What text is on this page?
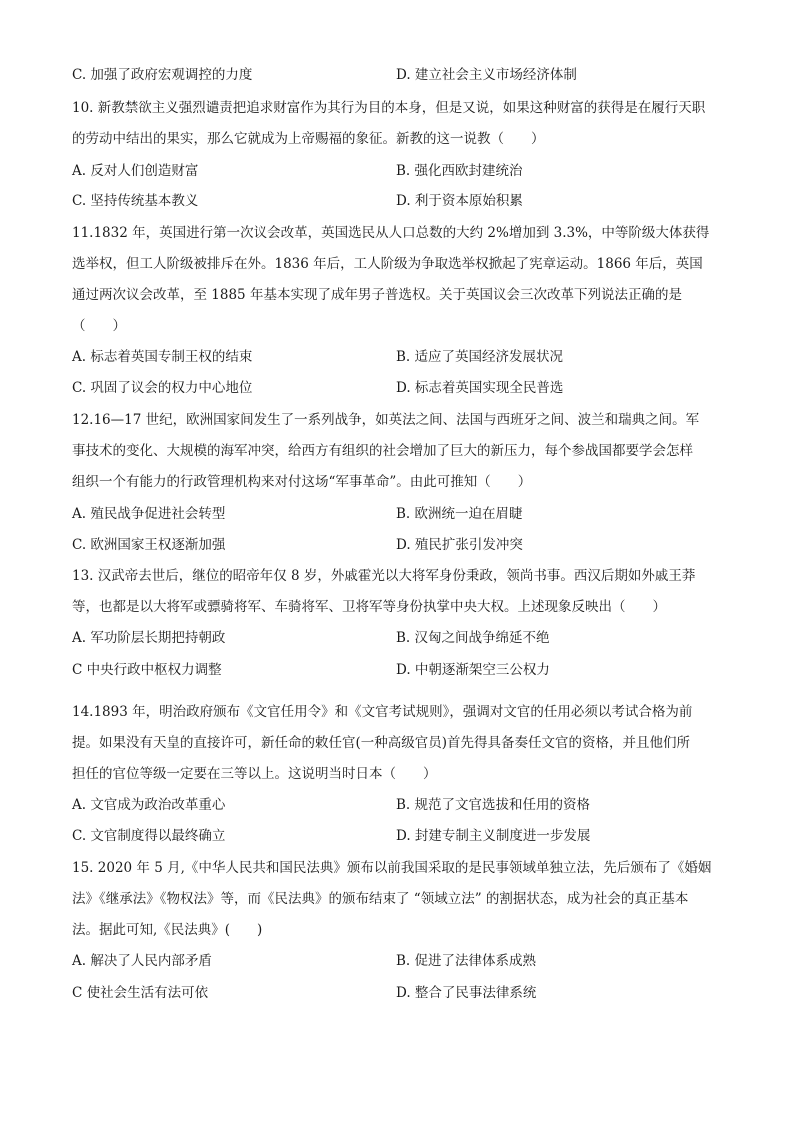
C. 加强了政府宏观调控的力度	D. 建立社会主义市场经济体制
10. 新教禁欲主义强烈谴责把追求财富作为其行为目的本身，但是又说，如果这种财富的获得是在履行天职
的劳动中结出的果实，那么它就成为上帝赐福的象征。新教的这一说教（　　）
A. 反对人们创造财富	B. 强化西欧封建统治
C. 坚持传统基本教义	D. 利于资本原始积累
11.1832 年，英国进行第一次议会改革，英国选民从人口总数的大约 2%增加到 3.3%，中等阶级大体获得
选举权，但工人阶级被排斥在外。1836 年后，工人阶级为争取选举权掀起了宪章运动。1866 年后，英国
通过两次议会改革，至 1885 年基本实现了成年男子普选权。关于英国议会三次改革下列说法正确的是
（　　）
A. 标志着英国专制王权的结束	B. 适应了英国经济发展状况
C. 巩固了议会的权力中心地位	D. 标志着英国实现全民普选
12.16—17 世纪，欧洲国家间发生了一系列战争，如英法之间、法国与西班牙之间、波兰和瑞典之间。军
事技术的变化、大规模的海军冲突，给西方有组织的社会增加了巨大的新压力，每个参战国都要学会怎样
组织一个有能力的行政管理机构来对付这场“军事革命”。由此可推知（　　）
A. 殖民战争促进社会转型	B. 欧洲统一迫在眉睫
C. 欧洲国家王权逐渐加强	D. 殖民扩张引发冲突
13. 汉武帝去世后，继位的昭帝年仅 8 岁，外戚霍光以大将军身份秉政，领尚书事。西汉后期如外戚王莽
等，也都是以大将军或骠骑将军、车骑将军、卫将军等身份执掌中央大权。上述现象反映出（　　）
A. 军功阶层长期把持朝政	B. 汉匈之间战争绵延不绝
C 中央行政中枢权力调整	D. 中朝逐渐架空三公权力
14.1893 年，明治政府颁布《文官任用令》和《文官考试规则》，强调对文官的任用必须以考试合格为前
提。如果没有天皇的直接许可，新任命的敕任官(一种高级官员)首先得具备奏任文官的资格，并且他们所
担任的官位等级一定要在三等以上。这说明当时日本（　　）
A. 文官成为政治改革重心	B. 规范了文官选拔和任用的资格
C. 文官制度得以最终确立	D. 封建专制主义制度进一步发展
15. 2020 年 5 月,《中华人民共和国民法典》颁布以前我国采取的是民事领域单独立法，先后颁布了《婚姻
法》《继承法》《物权法》等，而《民法典》的颁布结束了 “领域立法” 的割据状态，成为社会的真正基本
法。据此可知,《民法典》(　　)
A. 解决了人民内部矛盾	B. 促进了法律体系成熟
C 使社会生活有法可依	D. 整合了民事法律系统
